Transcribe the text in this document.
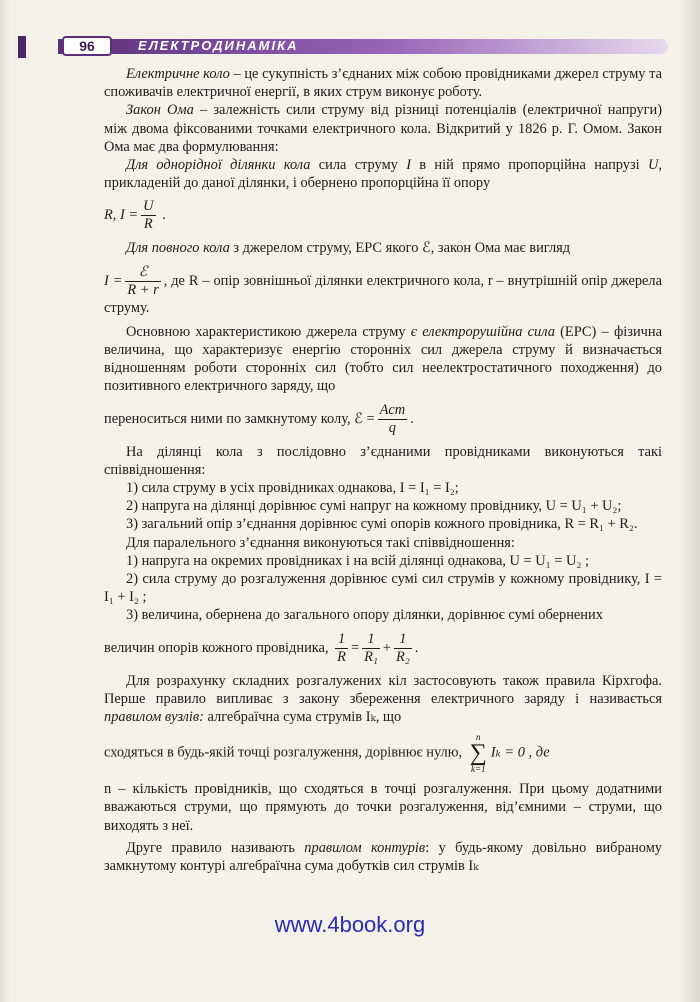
96	ЕЛЕКТРОДИНАМІКА

Електричне коло – це сукупність з’єднаних між собою провідниками джерел струму та споживачів електричної енергії, в яких струм виконує роботу.

Закон Ома – залежність сили струму від різниці потенціалів (електричної напруги) між двома фіксованими точками електричного кола. Відкритий у 1826 р. Г. Омом. Закон Ома має два формулювання:

Для однорідної ділянки кола сила струму I в ній прямо пропорційна напрузі U, прикладеній до даної ділянки, і обернено пропорційна її опору

R, $I = \frac{U}{R}$ .

Для повного кола з джерелом струму, ЕРС якого ℰ, закон Ома має вигляд

$I = \frac{\text{ℰ}}{R + r}$ , де R – опір зовнішньої ділянки електричного кола, r – внутрішній опір джерела струму.

Основною характеристикою джерела струму є електрорушійна сила (ЕРС) – фізична величина, що характеризує енергію сторонніх сил джерела струму й визначається відношенням роботи сторонніх сил (тобто сил неелектростатичного походження) до позитивного електричного заряду, що

переноситься ними по замкнутому колу, ℰ = $\frac{\text{Aст}}{q}$ .

На ділянці кола з послідовно з’єднаними провідниками виконуються такі співвідношення:

1) сила струму в усіх провідниках однакова, I = I₁ = I₂;

2) напруга на ділянці дорівнює сумі напруг на кожному провіднику, U = U₁ + U₂;

3) загальний опір з’єднання дорівнює сумі опорів кожного провідника, R = R₁ + R₂.

Для паралельного з’єднання виконуються такі співвідношення:

1) напруга на окремих провідниках і на всій ділянці однакова, U = U₁ = U₂ ;

2) сила струму до розгалуження дорівнює сумі сил струмів у кожному провіднику, I = I₁ + I₂ ;

3) величина, обернена до загального опору ділянки, дорівнює сумі обернених

величин опорів кожного провідника, $\frac{1}{R} = \frac{1}{\text{R₁}} + \frac{1}{\text{R₂}}$ .

Для розрахунку складних розгалужених кіл застосовують також правила Кірхгофа. Перше правило випливає з закону збереження електричного заряду і називається правилом вузлів: алгебраїчна сума струмів Iₖ, що

сходяться в будь-якій точці розгалуження, дорівнює нулю,
n
∑
k=1
Iₖ = 0 , де

n – кількість провідників, що сходяться в точці розгалуження. При цьому додатними вважаються струми, що прямують до точки розгалуження, від’ємними – струми, що виходять з неї.

Друге правило називають правилом контурів: у будь-якому довільно вибраному замкнутому контурі алгебраїчна сума добутків сил струмів Iₖ

www.4book.org
